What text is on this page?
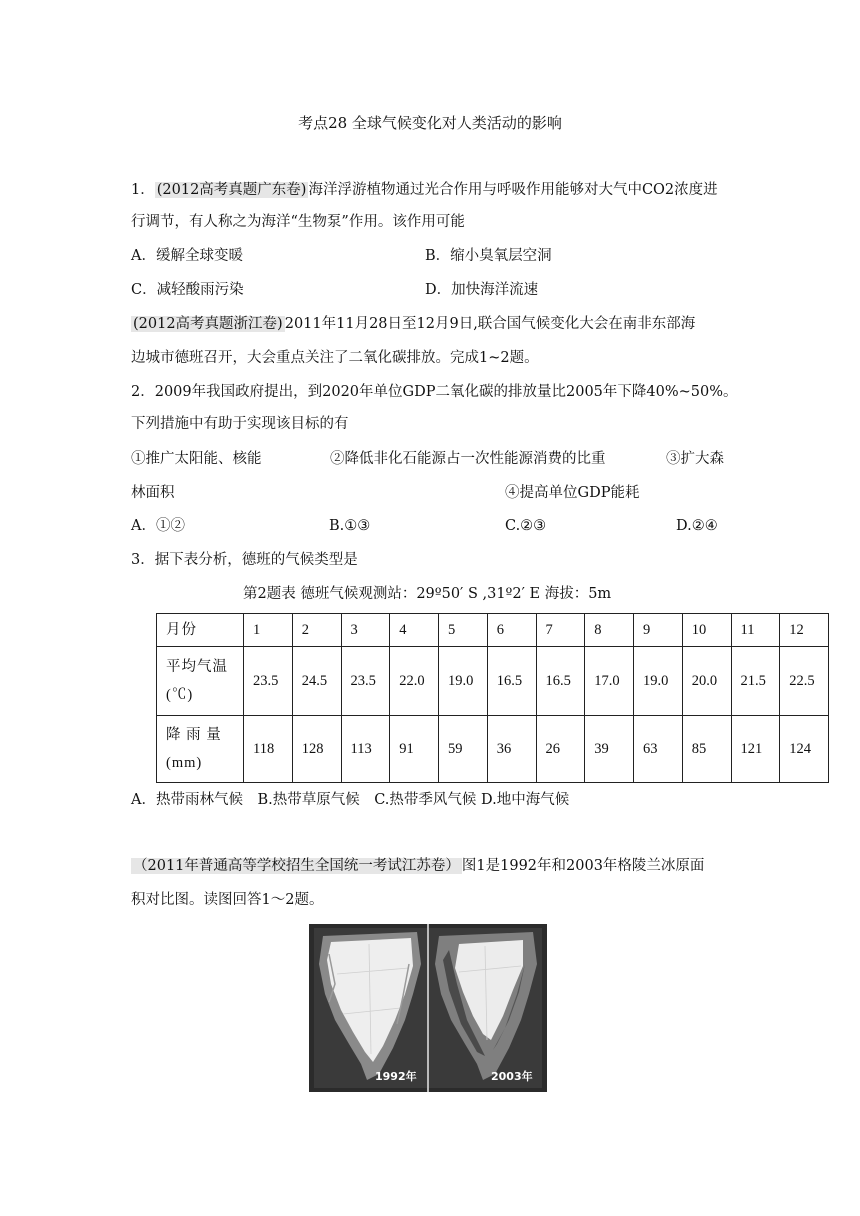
考点28 全球气候变化对人类活动的影响
1． (2012高考真题广东卷) 海洋浮游植物通过光合作用与呼吸作用能够对大气中CO2浓度进
行调节，有人称之为海洋“生物泵”作用。该作用可能
A．缓解全球变暖	B．缩小臭氧层空洞
C．减轻酸雨污染	D．加快海洋流速
(2012高考真题浙江卷) 2011年11月28日至12月9日,联合国气候变化大会在南非东部海
边城市德班召开，大会重点关注了二氧化碳排放。完成1~2题。
2．2009年我国政府提出，到2020年单位GDP二氧化碳的排放量比2005年下降40%~50%。
下列措施中有助于实现该目标的有
①推广太阳能、核能	②降低非化石能源占一次性能源消费的比重	③扩大森
林面积	④提高单位GDP能耗
A．①②	B.①③	C.②③	D.②④
3．据下表分析，德班的气候类型是
第2题表 德班气候观测站：29º50′ S ,31º2′ E 海拔：5m
月份	1	2	3	4	5	6	7	8	9	10	11	12
平均气温(℃)	23.5	24.5	23.5	22.0	19.0	16.5	16.5	17.0	19.0	20.0	21.5	22.5
降 雨 量(mm)	118	128	113	91	59	36	26	39	63	85	121	124
A．热带雨林气候　B.热带草原气候　C.热带季风气候 D.地中海气候
（2011年普通高等学校招生全国统一考试江苏卷） 图1是1992年和2003年格陵兰冰原面
积对比图。读图回答1～2题。
1992年	2003年
